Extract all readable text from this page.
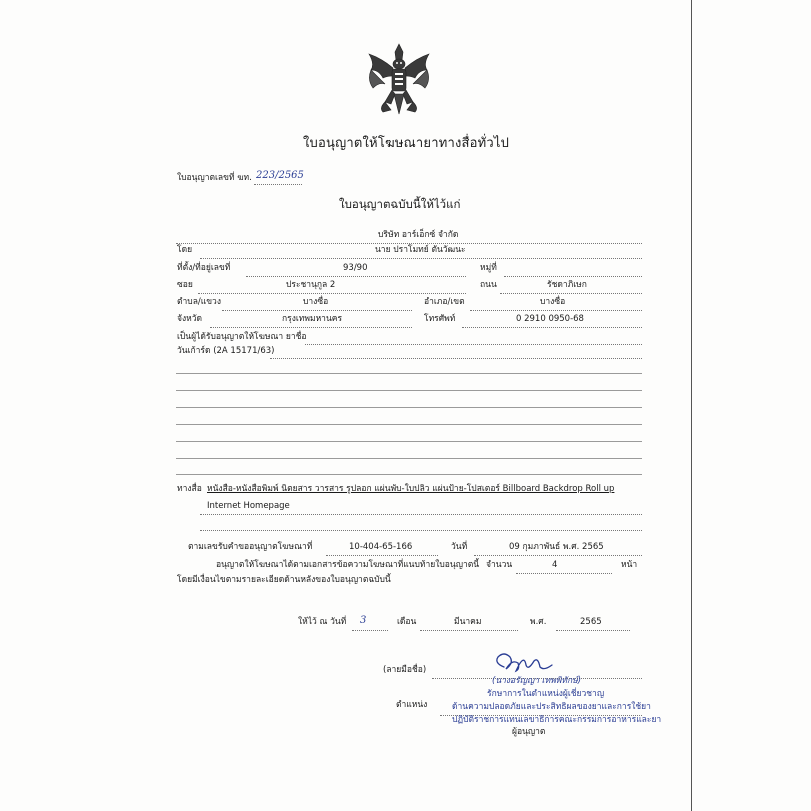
ใบอนุญาตให้โฆษณายาทางสื่อทั่วไป
ใบอนุญาตเลขที่ ฆท. 223/2565
ใบอนุญาตฉบับนี้ให้ไว้แก่
บริษัท อาร์เอ็กซ์ จำกัด
โดย	นาย ปราโมทย์ ตันวัฒนะ
ที่ตั้ง/ที่อยู่เลขที่	93/90	หมู่ที่
ซอย	ประชานุกูล 2	ถนน	รัชดาภิเษก
ตำบล/แขวง	บางซื่อ	อำเภอ/เขต	บางซื่อ
จังหวัด	กรุงเทพมหานคร	โทรศัพท์	0 2910 0950-68
เป็นผู้ได้รับอนุญาตให้โฆษณา ยาชื่อ
วันเก้าร์ด (2A 15171/63)
ทางสื่อ หนังสือ-หนังสือพิมพ์ นิตยสาร วารสาร รูปลอก แผ่นพับ-ใบปลิว แผ่นป้าย-โปสเตอร์ Billboard Backdrop Roll up
Internet Homepage
ตามเลขรับคำขออนุญาตโฆษณาที่	10-404-65-166	วันที่	09 กุมภาพันธ์ พ.ศ. 2565
อนุญาตให้โฆษณาได้ตามเอกสารข้อความโฆษณาที่แนบท้ายใบอนุญาตนี้ จำนวน	4	หน้า
โดยมีเงื่อนไขตามรายละเอียดด้านหลังของใบอนุญาตฉบับนี้
ให้ไว้ ณ วันที่ 3	เดือน	มีนาคม	พ.ศ.	2565
(ลายมือชื่อ)
(นางอรัญญา เทพพิทักษ์)
รักษาการในตำแหน่งผู้เชี่ยวชาญ
ตำแหน่ง	ด้านความปลอดภัยและประสิทธิผลของยาและการใช้ยา
ปฏิบัติราชการแทนเลขาธิการคณะกรรมการอาหารและยา
ผู้อนุญาต
